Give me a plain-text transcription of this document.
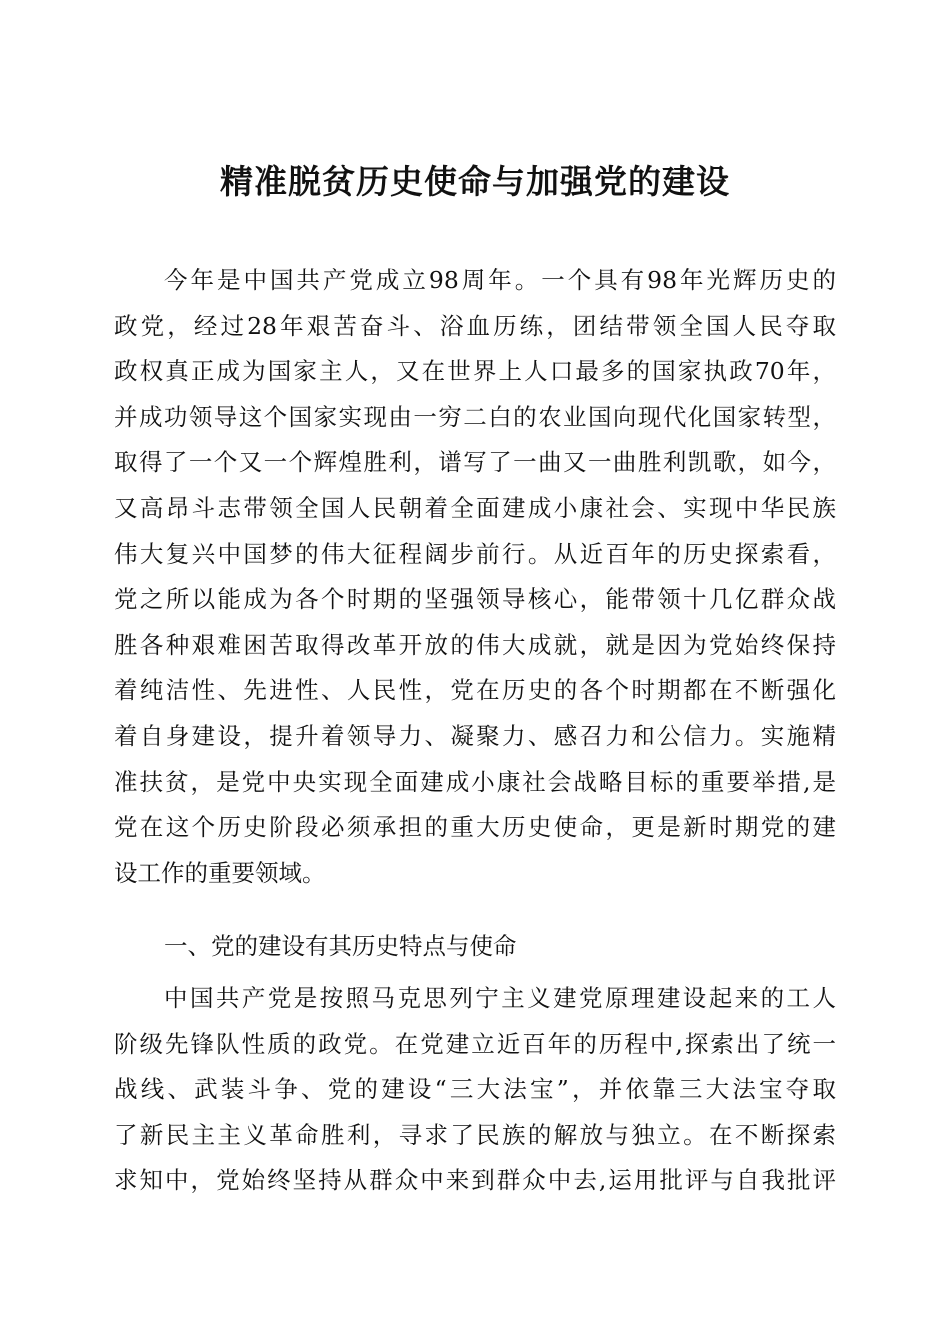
精准脱贫历史使命与加强党的建设
今年是中国共产党成立98周年。一个具有98年光辉历史的
政党，经过28年艰苦奋斗、浴血历练，团结带领全国人民夺取
政权真正成为国家主人，又在世界上人口最多的国家执政70年，
并成功领导这个国家实现由一穷二白的农业国向现代化国家转型，
取得了一个又一个辉煌胜利，谱写了一曲又一曲胜利凯歌，如今，
又高昂斗志带领全国人民朝着全面建成小康社会、实现中华民族
伟大复兴中国梦的伟大征程阔步前行。从近百年的历史探索看，
党之所以能成为各个时期的坚强领导核心，能带领十几亿群众战
胜各种艰难困苦取得改革开放的伟大成就，就是因为党始终保持
着纯洁性、先进性、人民性，党在历史的各个时期都在不断强化
着自身建设，提升着领导力、凝聚力、感召力和公信力。实施精
准扶贫，是党中央实现全面建成小康社会战略目标的重要举措,是
党在这个历史阶段必须承担的重大历史使命，更是新时期党的建
设工作的重要领域。
一、党的建设有其历史特点与使命
中国共产党是按照马克思列宁主义建党原理建设起来的工人
阶级先锋队性质的政党。在党建立近百年的历程中,探索出了统一
战线、武装斗争、党的建设“三大法宝”，并依靠三大法宝夺取
了新民主主义革命胜利，寻求了民族的解放与独立。在不断探索
求知中，党始终坚持从群众中来到群众中去,运用批评与自我批评
